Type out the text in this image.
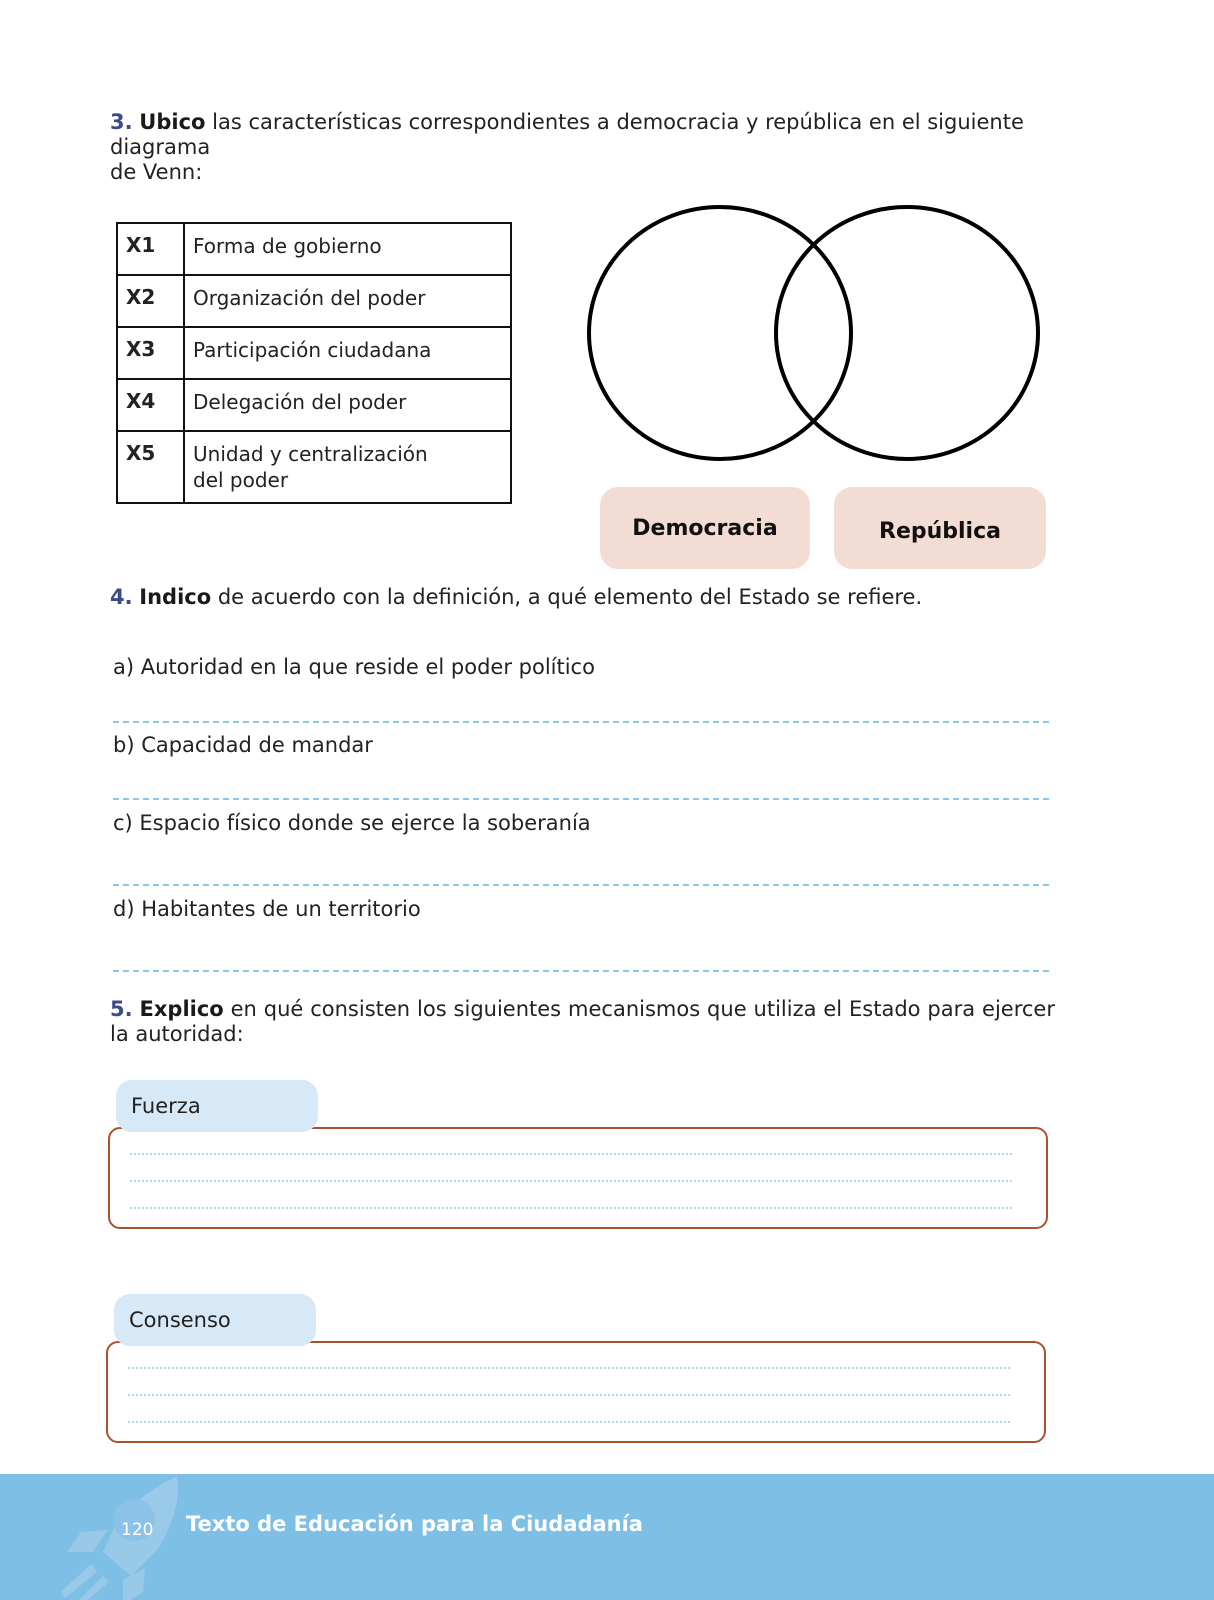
3. Ubico las características correspondientes a democracia y república en el siguiente diagrama
de Venn:
X1	Forma de gobierno
X2	Organización del poder
X3	Participación ciudadana
X4	Delegación del poder
X5	Unidad y centralización
del poder
Democracia	República
4. Indico de acuerdo con la definición, a qué elemento del Estado se refiere.
a) Autoridad en la que reside el poder político
b) Capacidad de mandar
c) Espacio físico donde se ejerce la soberanía
d) Habitantes de un territorio
5. Explico en qué consisten los siguientes mecanismos que utiliza el Estado para ejercer la autoridad:
Fuerza
Consenso
120 Texto de Educación para la Ciudadanía
